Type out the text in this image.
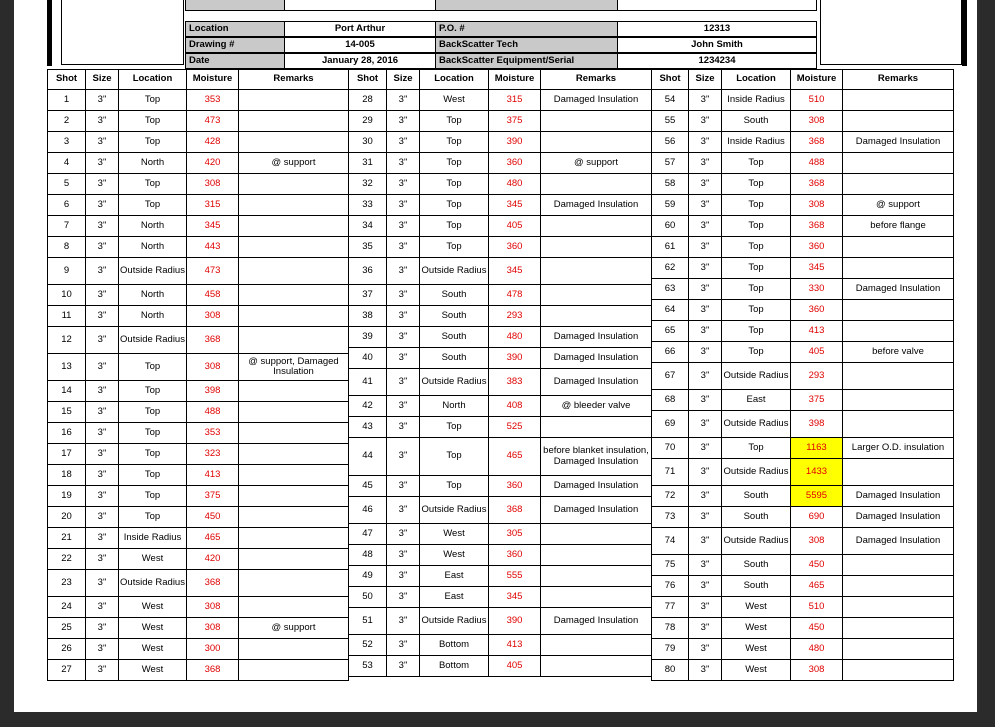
Location	Port Arthur	P.O. #	12313
Drawing #	14-005	BackScatter Tech	John Smith
Date	January 28, 2016	BackScatter Equipment/Serial	1234234
Shot	Size	Location	Moisture	Remarks
1	3"	Top	353	
2	3"	Top	473	
3	3"	Top	428	
4	3"	North	420	@ support
5	3"	Top	308	
6	3"	Top	315	
7	3"	North	345	
8	3"	North	443	
9	3"	Outside Radius	473	
10	3"	North	458	
11	3"	North	308	
12	3"	Outside Radius	368	
13	3"	Top	308	@ support, Damaged Insulation
14	3"	Top	398	
15	3"	Top	488	
16	3"	Top	353	
17	3"	Top	323	
18	3"	Top	413	
19	3"	Top	375	
20	3"	Top	450	
21	3"	Inside Radius	465	
22	3"	West	420	
23	3"	Outside Radius	368	
24	3"	West	308	
25	3"	West	308	@ support
26	3"	West	300	
27	3"	West	368	
Shot	Size	Location	Moisture	Remarks
28	3"	West	315	Damaged Insulation
29	3"	Top	375	
30	3"	Top	390	
31	3"	Top	360	@ support
32	3"	Top	480	
33	3"	Top	345	Damaged Insulation
34	3"	Top	405	
35	3"	Top	360	
36	3"	Outside Radius	345	
37	3"	South	478	
38	3"	South	293	
39	3"	South	480	Damaged Insulation
40	3"	South	390	Damaged Insulation
41	3"	Outside Radius	383	Damaged Insulation
42	3"	North	408	@ bleeder valve
43	3"	Top	525	
44	3"	Top	465	before blanket insulation, Damaged Insulation
45	3"	Top	360	Damaged Insulation
46	3"	Outside Radius	368	Damaged Insulation
47	3"	West	305	
48	3"	West	360	
49	3"	East	555	
50	3"	East	345	
51	3"	Outside Radius	390	Damaged Insulation
52	3"	Bottom	413	
53	3"	Bottom	405	
Shot	Size	Location	Moisture	Remarks
54	3"	Inside Radius	510	
55	3"	South	308	
56	3"	Inside Radius	368	Damaged Insulation
57	3"	Top	488	
58	3"	Top	368	
59	3"	Top	308	@ support
60	3"	Top	368	before flange
61	3"	Top	360	
62	3"	Top	345	
63	3"	Top	330	Damaged Insulation
64	3"	Top	360	
65	3"	Top	413	
66	3"	Top	405	before valve
67	3"	Outside Radius	293	
68	3"	East	375	
69	3"	Outside Radius	398	
70	3"	Top	1163	Larger O.D. insulation
71	3"	Outside Radius	1433	
72	3"	South	5595	Damaged Insulation
73	3"	South	690	Damaged Insulation
74	3"	Outside Radius	308	Damaged Insulation
75	3"	South	450	
76	3"	South	465	
77	3"	West	510	
78	3"	West	450	
79	3"	West	480	
80	3"	West	308	
